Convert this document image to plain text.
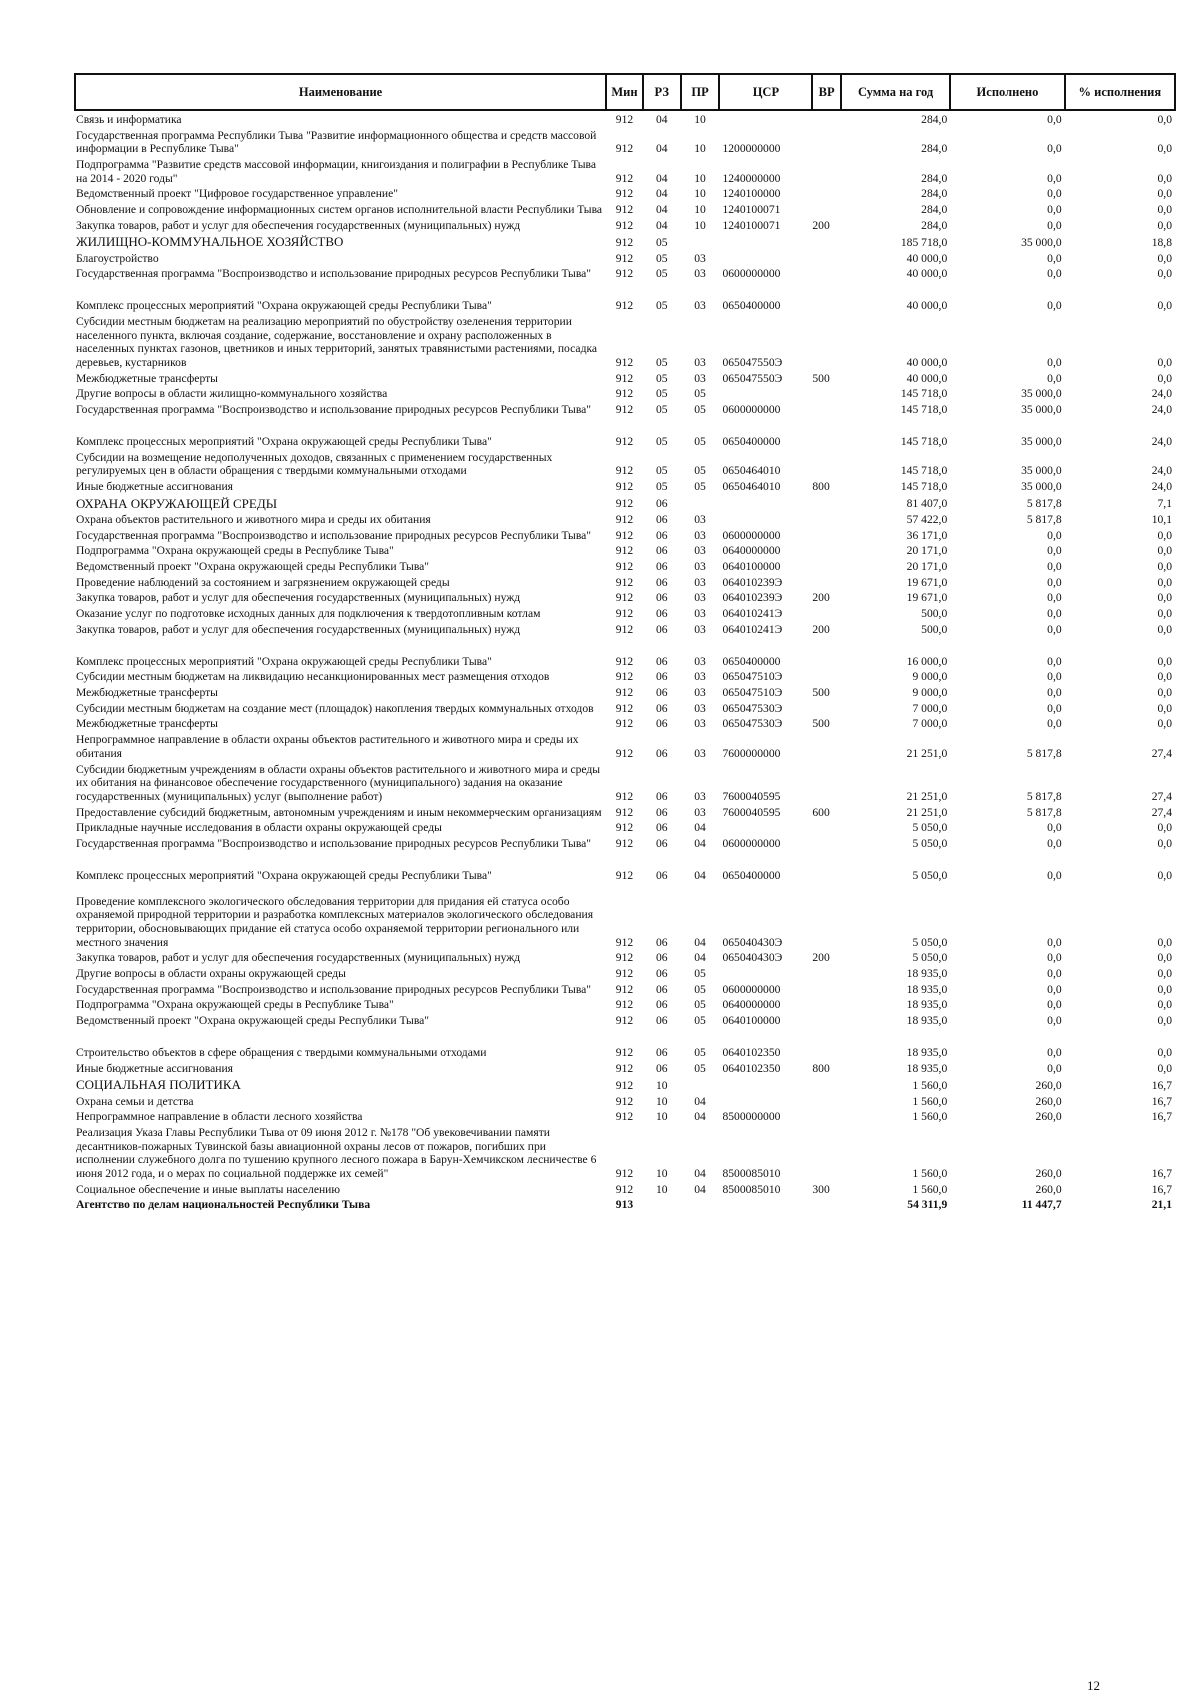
Наименование	Мин	РЗ	ПР	ЦСР	ВР	Сумма на год	Исполнено	% исполнения
Связь и информатика	912	04	10			284,0	0,0	0,0
Государственная программа Республики Тыва "Развитие информационного общества и средств массовой информации в Республике Тыва"	912	04	10	1200000000		284,0	0,0	0,0
Подпрограмма "Развитие средств массовой информации, книгоиздания и полиграфии в Республике Тыва на 2014 - 2020 годы"	912	04	10	1240000000		284,0	0,0	0,0
Ведомственный проект "Цифровое государственное управление"	912	04	10	1240100000		284,0	0,0	0,0
Обновление и сопровождение информационных систем органов исполнительной власти Республики Тыва	912	04	10	1240100071		284,0	0,0	0,0
Закупка товаров, работ и услуг для обеспечения государственных (муниципальных) нужд	912	04	10	1240100071	200	284,0	0,0	0,0
ЖИЛИЩНО-КОММУНАЛЬНОЕ ХОЗЯЙСТВО	912	05				185 718,0	35 000,0	18,8
Благоустройство	912	05	03			40 000,0	0,0	0,0
Государственная программа "Воспроизводство и использование природных ресурсов Республики Тыва"	912	05	03	0600000000		40 000,0	0,0	0,0
Комплекс процессных мероприятий "Охрана окружающей среды Республики Тыва"	912	05	03	0650400000		40 000,0	0,0	0,0
Субсидии местным бюджетам на реализацию мероприятий по обустройству озеленения территории населенного пункта, включая создание, содержание, восстановление и охрану расположенных в населенных пунктах газонов, цветников и иных территорий, занятых травянистыми растениями, посадка деревьев, кустарников	912	05	03	065047550Э		40 000,0	0,0	0,0
Межбюджетные трансферты	912	05	03	065047550Э	500	40 000,0	0,0	0,0
Другие вопросы в области жилищно-коммунального хозяйства	912	05	05			145 718,0	35 000,0	24,0
Государственная программа "Воспроизводство и использование природных ресурсов Республики Тыва"	912	05	05	0600000000		145 718,0	35 000,0	24,0
Комплекс процессных мероприятий "Охрана окружающей среды Республики Тыва"	912	05	05	0650400000		145 718,0	35 000,0	24,0
Субсидии на возмещение недополученных доходов, связанных с применением государственных регулируемых цен в области обращения с твердыми коммунальными отходами	912	05	05	0650464010		145 718,0	35 000,0	24,0
Иные бюджетные ассигнования	912	05	05	0650464010	800	145 718,0	35 000,0	24,0
ОХРАНА ОКРУЖАЮЩЕЙ СРЕДЫ	912	06				81 407,0	5 817,8	7,1
Охрана объектов растительного и животного мира и среды их обитания	912	06	03			57 422,0	5 817,8	10,1
Государственная программа "Воспроизводство и использование природных ресурсов Республики Тыва"	912	06	03	0600000000		36 171,0	0,0	0,0
Подпрограмма "Охрана окружающей среды в Республике Тыва"	912	06	03	0640000000		20 171,0	0,0	0,0
Ведомственный проект "Охрана окружающей среды Республики Тыва"	912	06	03	0640100000		20 171,0	0,0	0,0
Проведение наблюдений за состоянием и загрязнением окружающей среды	912	06	03	064010239Э		19 671,0	0,0	0,0
Закупка товаров, работ и услуг для обеспечения государственных (муниципальных) нужд	912	06	03	064010239Э	200	19 671,0	0,0	0,0
Оказание услуг по подготовке исходных данных для подключения к твердотопливным котлам	912	06	03	064010241Э		500,0	0,0	0,0
Закупка товаров, работ и услуг для обеспечения государственных (муниципальных) нужд	912	06	03	064010241Э	200	500,0	0,0	0,0
Комплекс процессных мероприятий "Охрана окружающей среды Республики Тыва"	912	06	03	0650400000		16 000,0	0,0	0,0
Субсидии местным бюджетам на ликвидацию несанкционированных мест размещения отходов	912	06	03	065047510Э		9 000,0	0,0	0,0
Межбюджетные трансферты	912	06	03	065047510Э	500	9 000,0	0,0	0,0
Субсидии местным бюджетам на создание мест (площадок) накопления твердых коммунальных отходов	912	06	03	065047530Э		7 000,0	0,0	0,0
Межбюджетные трансферты	912	06	03	065047530Э	500	7 000,0	0,0	0,0
Непрограммное направление в области охраны объектов растительного и животного мира и среды их обитания	912	06	03	7600000000		21 251,0	5 817,8	27,4
Субсидии бюджетным учреждениям в области охраны объектов растительного и животного мира и среды их обитания на финансовое обеспечение государственного (муниципального) задания на оказание государственных (муниципальных) услуг (выполнение работ)	912	06	03	7600040595		21 251,0	5 817,8	27,4
Предоставление субсидий бюджетным, автономным учреждениям и иным некоммерческим организациям	912	06	03	7600040595	600	21 251,0	5 817,8	27,4
Прикладные научные исследования в области охраны окружающей среды	912	06	04			5 050,0	0,0	0,0
Государственная программа "Воспроизводство и использование природных ресурсов Республики Тыва"	912	06	04	0600000000		5 050,0	0,0	0,0
Комплекс процессных мероприятий "Охрана окружающей среды Республики Тыва"	912	06	04	0650400000		5 050,0	0,0	0,0
Проведение комплексного экологического обследования территории для придания ей статуса особо охраняемой природной территории и разработка комплексных материалов экологического обследования территории, обосновывающих придание ей статуса особо охраняемой территории регионального или местного значения	912	06	04	065040430Э		5 050,0	0,0	0,0
Закупка товаров, работ и услуг для обеспечения государственных (муниципальных) нужд	912	06	04	065040430Э	200	5 050,0	0,0	0,0
Другие вопросы в области охраны окружающей среды	912	06	05			18 935,0	0,0	0,0
Государственная программа "Воспроизводство и использование природных ресурсов Республики Тыва"	912	06	05	0600000000		18 935,0	0,0	0,0
Подпрограмма "Охрана окружающей среды в Республике Тыва"	912	06	05	0640000000		18 935,0	0,0	0,0
Ведомственный проект "Охрана окружающей среды Республики Тыва"	912	06	05	0640100000		18 935,0	0,0	0,0
Строительство объектов в сфере обращения с твердыми коммунальными отходами	912	06	05	0640102350		18 935,0	0,0	0,0
Иные бюджетные ассигнования	912	06	05	0640102350	800	18 935,0	0,0	0,0
СОЦИАЛЬНАЯ ПОЛИТИКА	912	10				1 560,0	260,0	16,7
Охрана семьи и детства	912	10	04			1 560,0	260,0	16,7
Непрограммное направление в области лесного хозяйства	912	10	04	8500000000		1 560,0	260,0	16,7
Реализация Указа Главы Республики Тыва от 09 июня 2012 г. №178 "Об увековечивании памяти десантников-пожарных Тувинской базы авиационной охраны лесов от пожаров, погибших при исполнении служебного долга по тушению крупного лесного пожара в Барун-Хемчикском лесничестве 6 июня 2012 года, и о мерах по социальной поддержке их семей"	912	10	04	8500085010		1 560,0	260,0	16,7
Социальное обеспечение и иные выплаты населению	912	10	04	8500085010	300	1 560,0	260,0	16,7
Агентство по делам национальностей Республики Тыва	913					54 311,9	11 447,7	21,1
12
